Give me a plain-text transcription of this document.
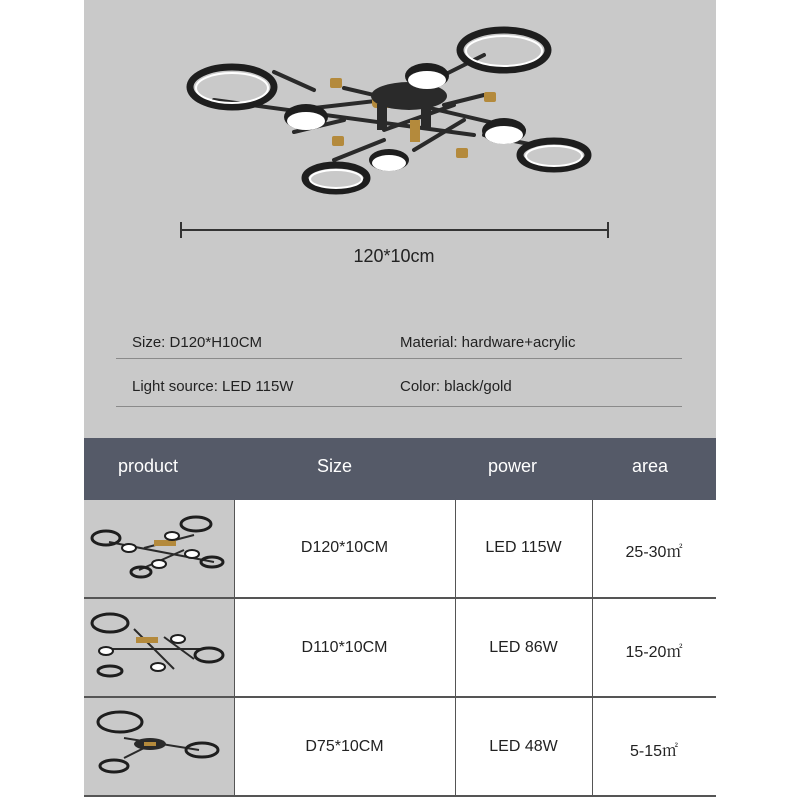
120*10cm
Size: D120*H10CM	Material: hardware+acrylic
Light source: LED 115W	Color: black/gold
product	Size	power	area
D120*10CM	LED 115W	25-30㎡
D110*10CM	LED 86W	15-20㎡
D75*10CM	LED 48W	5-15㎡
